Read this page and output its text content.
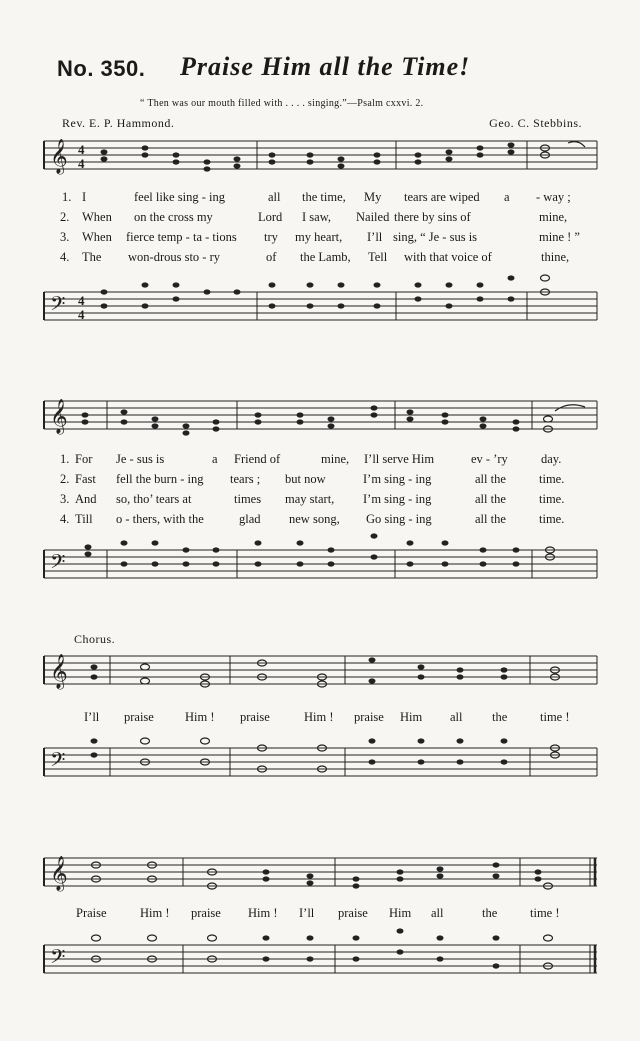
No. 350. Praise Him all the Time!
“ Then was our mouth filled with . . . . singing.”—Psalm cxxvi. 2.
Rev. E. P. Hammond.	Geo. C. Stebbins.
𝄞 4
4
1. I	feel like sing - ing	all the time, My tears are wiped a - way ;
2. When on the cross my	Lord I saw, Nailed there by sins of	mine,
3. When fierce temp - ta - tions try my heart, I’ll sing, “ Je - sus is	mine ! ”
4. The won-drous sto - ry	of the Lamb, Tell with that voice of	thine,
𝄢 4
4
𝄞
1. For Je - sus is	a Friend of	mine, I’ll serve Him	ev - ’ry	day.
2. Fast fell the burn - ing tears ; but now	I’m sing - ing	all the	time.
3. And so, tho’ tears at	times may start, I’m sing - ing	all the	time.
4. Till o - thers, with the	glad new song, Go sing - ing	all the	time.
𝄢
Chorus.
𝄞
I’ll praise Him ! praise	Him ! praise Him all the	time !
𝄢
𝄞
Praise	Him ! praise Him ! I’ll praise Him all	the	time !
𝄢
